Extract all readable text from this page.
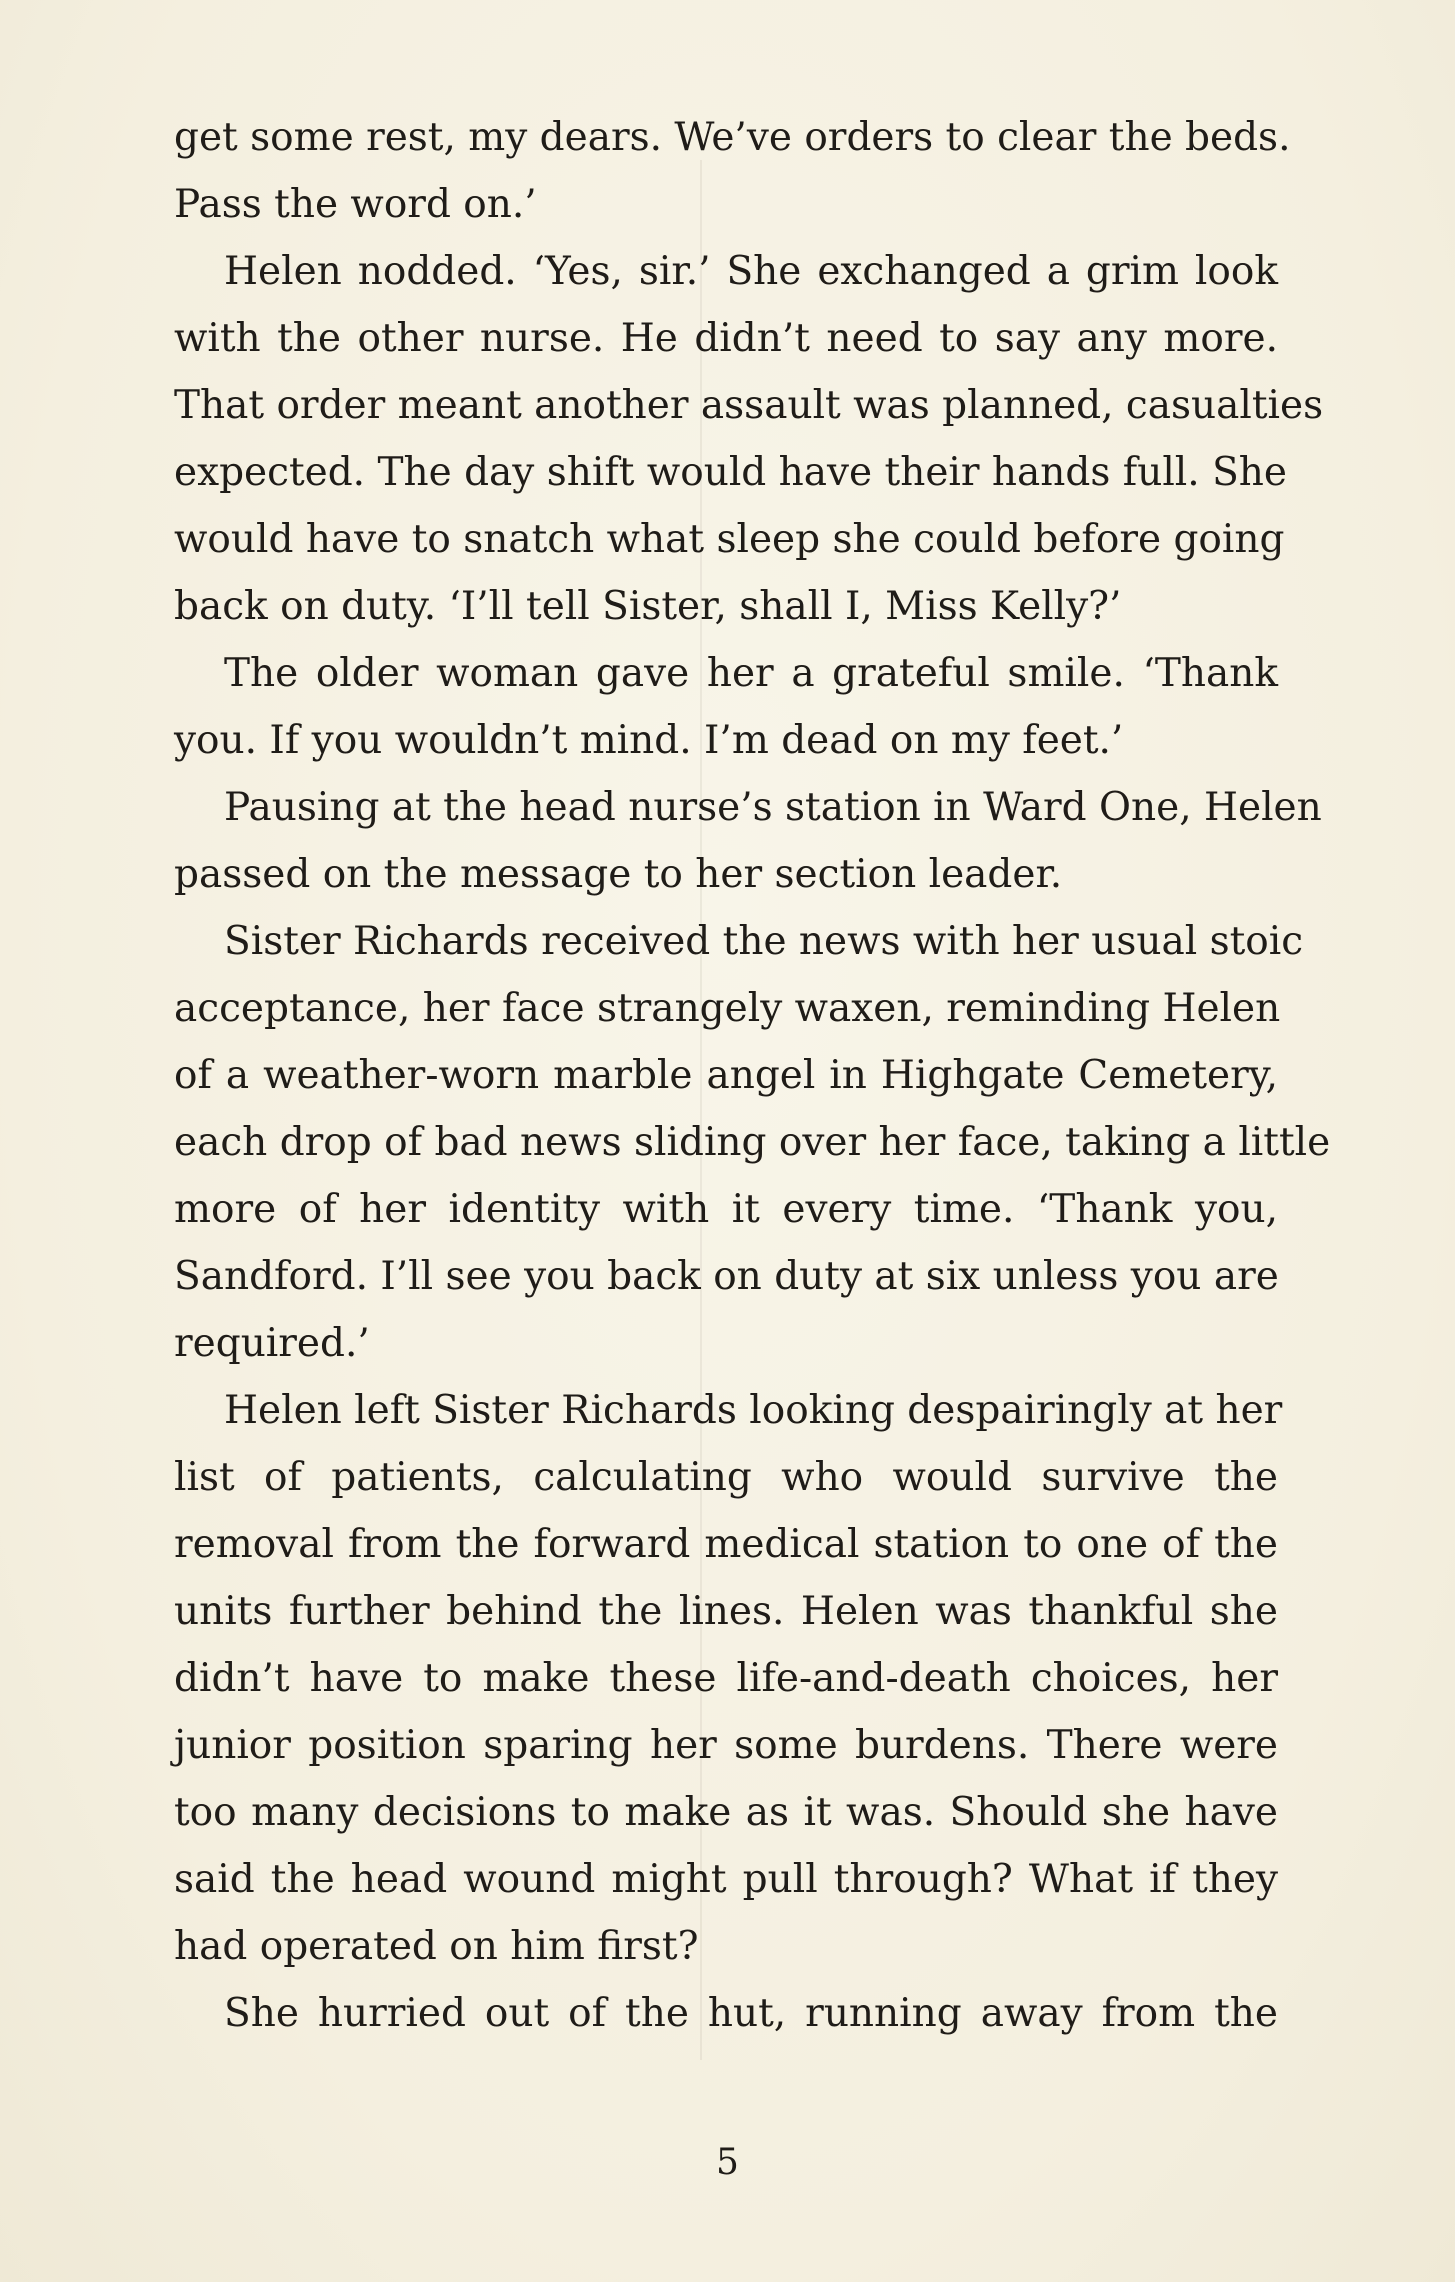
get some rest, my dears. We’ve orders to clear the beds.
Pass the word on.’
Helen nodded. ‘Yes, sir.’ She exchanged a grim look
with the other nurse. He didn’t need to say any more.
That order meant another assault was planned, casualties
expected. The day shift would have their hands full. She
would have to snatch what sleep she could before going
back on duty. ‘I’ll tell Sister, shall I, Miss Kelly?’
The older woman gave her a grateful smile. ‘Thank
you. If you wouldn’t mind. I’m dead on my feet.’
Pausing at the head nurse’s station in Ward One, Helen
passed on the message to her section leader.
Sister Richards received the news with her usual stoic
acceptance, her face strangely waxen, reminding Helen
of a weather-worn marble angel in Highgate Cemetery,
each drop of bad news sliding over her face, taking a little
more of her identity with it every time. ‘Thank you,
Sandford. I’ll see you back on duty at six unless you are
required.’
Helen left Sister Richards looking despairingly at her
list of patients, calculating who would survive the
removal from the forward medical station to one of the
units further behind the lines. Helen was thankful she
didn’t have to make these life-and-death choices, her
junior position sparing her some burdens. There were
too many decisions to make as it was. Should she have
said the head wound might pull through? What if they
had operated on him first?
She hurried out of the hut, running away from the
5
